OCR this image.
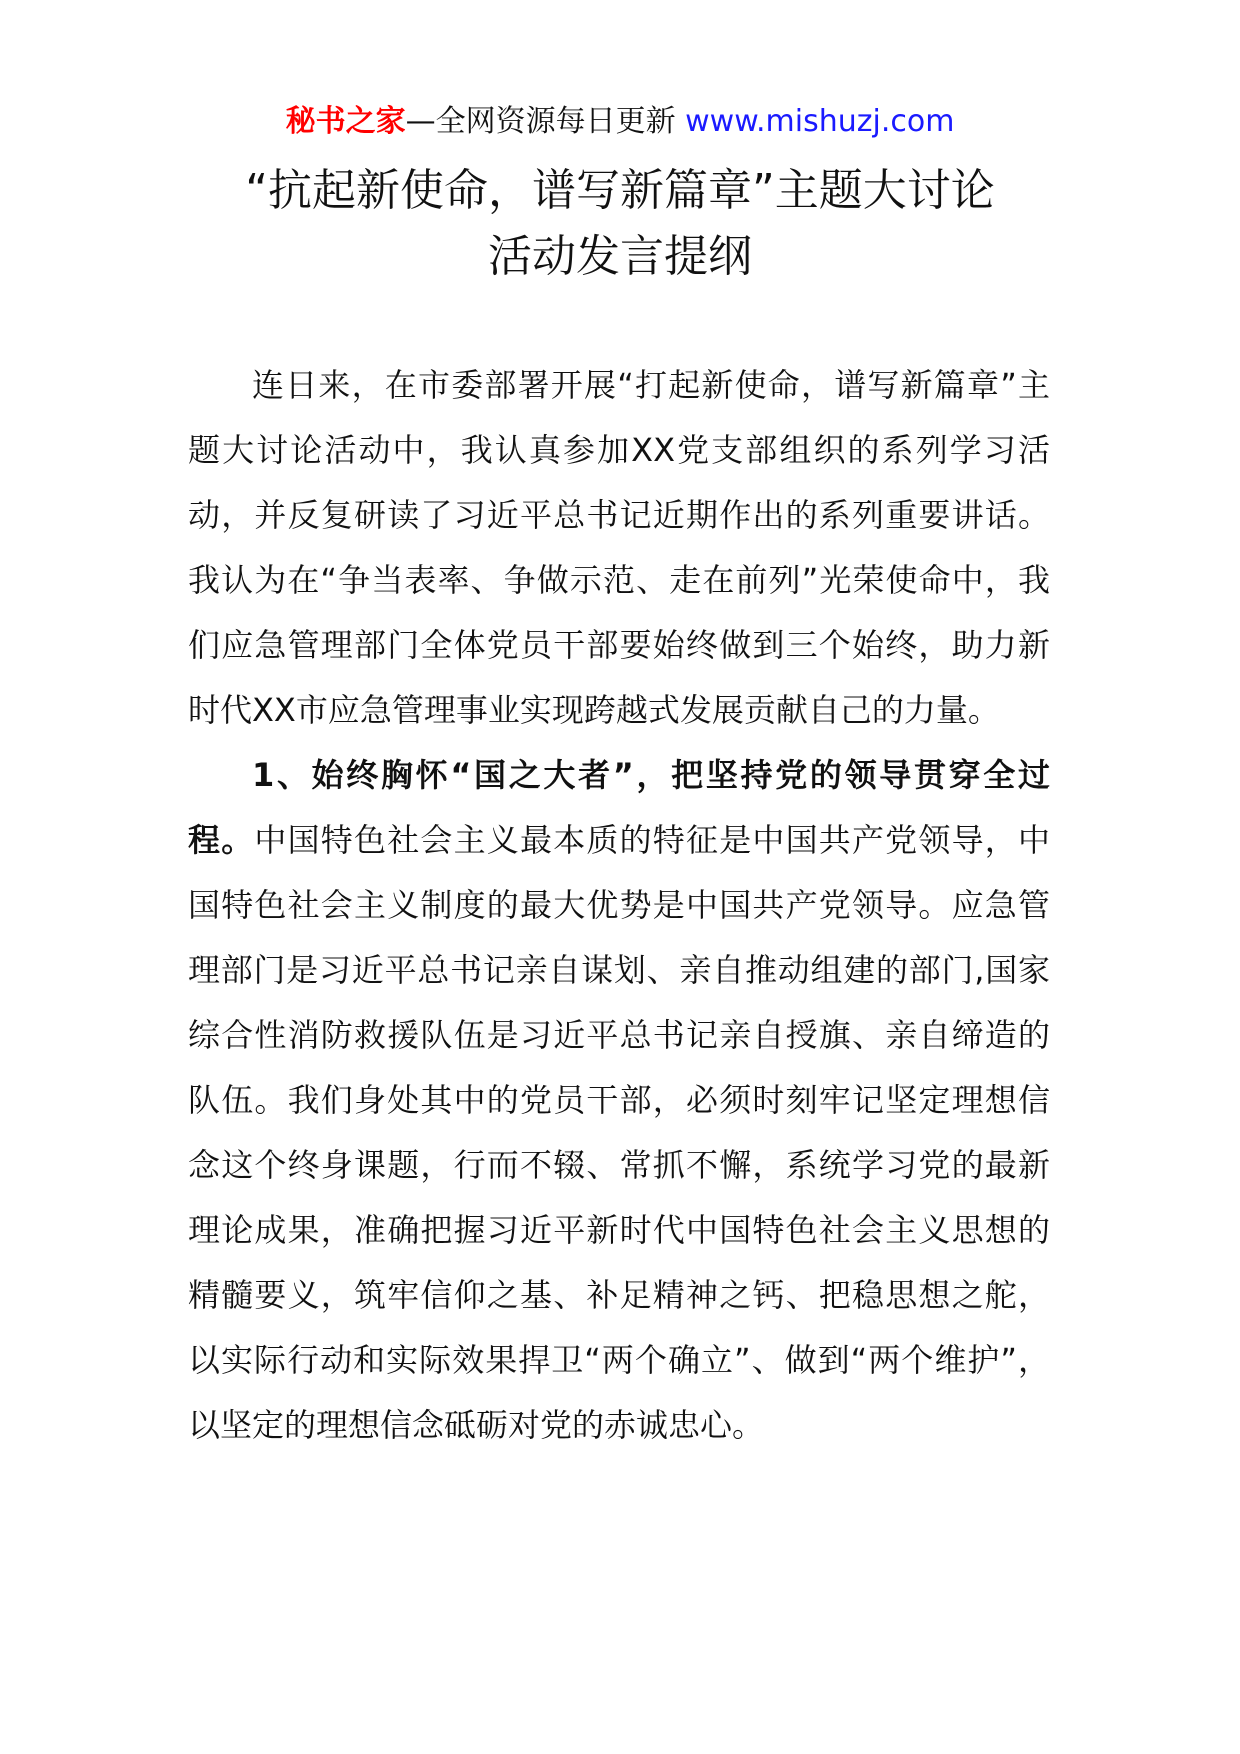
秘书之家—全网资源每日更新 www.mishuzj.com
“抗起新使命，谱写新篇章”主题大讨论
活动发言提纲

连日来，在市委部署开展“打起新使命，谱写新篇章”主题大讨论活动中，我认真参加XX党支部组织的系列学习活动，并反复研读了习近平总书记近期作出的系列重要讲话。我认为在“争当表率、争做示范、走在前列”光荣使命中，我们应急管理部门全体党员干部要始终做到三个始终，助力新时代XX市应急管理事业实现跨越式发展贡献自己的力量。

1、始终胸怀“国之大者”，把坚持党的领导贯穿全过程。中国特色社会主义最本质的特征是中国共产党领导，中国特色社会主义制度的最大优势是中国共产党领导。应急管理部门是习近平总书记亲自谋划、亲自推动组建的部门,国家综合性消防救援队伍是习近平总书记亲自授旗、亲自缔造的队伍。我们身处其中的党员干部，必须时刻牢记坚定理想信念这个终身课题，行而不辍、常抓不懈，系统学习党的最新理论成果，准确把握习近平新时代中国特色社会主义思想的精髓要义，筑牢信仰之基、补足精神之钙、把稳思想之舵，以实际行动和实际效果捍卫“两个确立”、做到“两个维护”，以坚定的理想信念砥砺对党的赤诚忠心。
